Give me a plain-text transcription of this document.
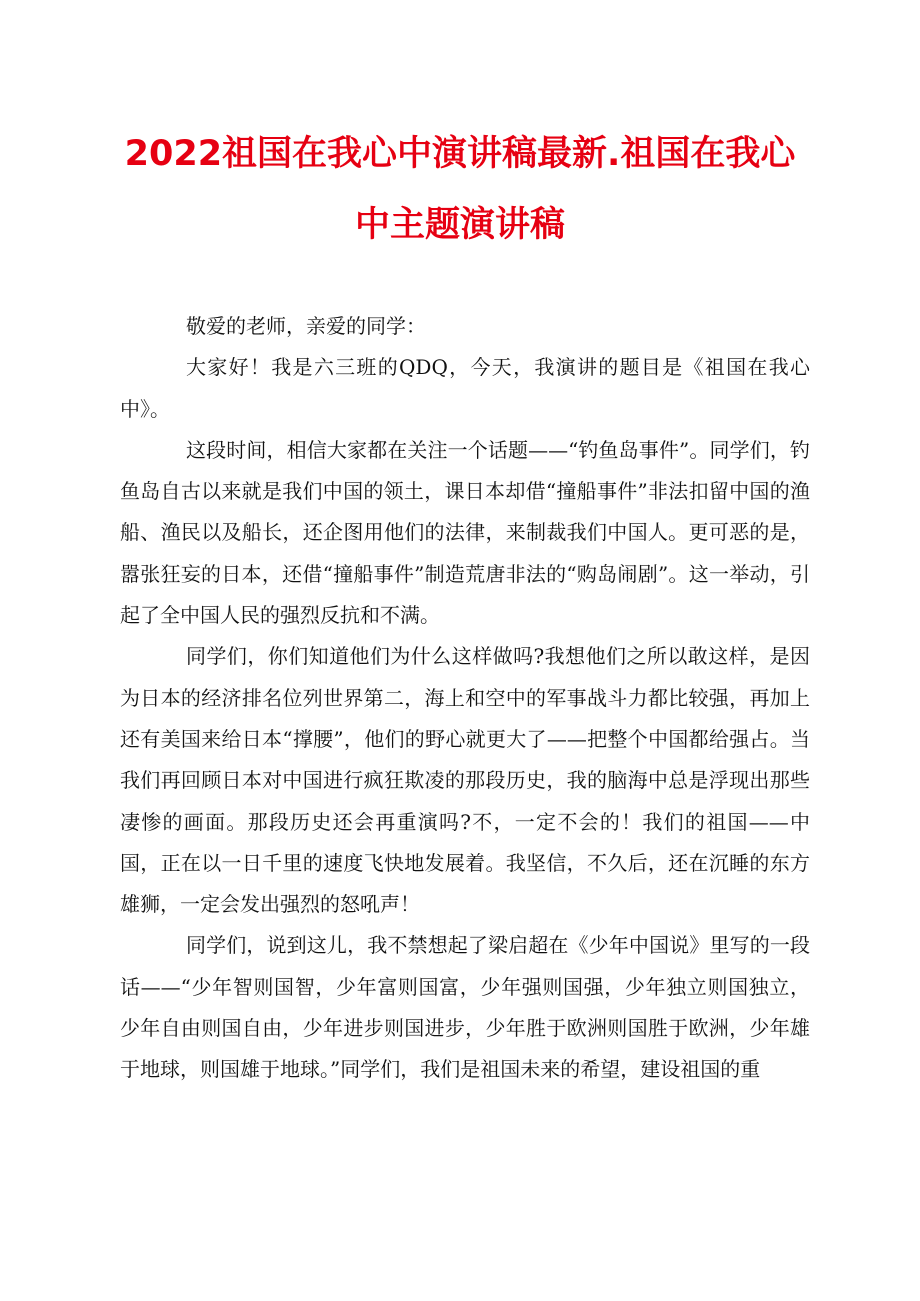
2022祖国在我心中演讲稿最新.祖国在我心
中主题演讲稿

敬爱的老师，亲爱的同学：

大家好！我是六三班的QDQ，今天，我演讲的题目是《祖国在我心中》。

这段时间，相信大家都在关注一个话题——“钓鱼岛事件”。同学们，钓鱼岛自古以来就是我们中国的领土，课日本却借“撞船事件”非法扣留中国的渔船、渔民以及船长，还企图用他们的法律，来制裁我们中国人。更可恶的是，嚣张狂妄的日本，还借“撞船事件”制造荒唐非法的“购岛闹剧”。这一举动，引起了全中国人民的强烈反抗和不满。

同学们，你们知道他们为什么这样做吗?我想他们之所以敢这样，是因为日本的经济排名位列世界第二，海上和空中的军事战斗力都比较强，再加上还有美国来给日本“撑腰”，他们的野心就更大了——把整个中国都给强占。当我们再回顾日本对中国进行疯狂欺凌的那段历史，我的脑海中总是浮现出那些凄惨的画面。那段历史还会再重演吗?不，一定不会的！我们的祖国——中国，正在以一日千里的速度飞快地发展着。我坚信，不久后，还在沉睡的东方雄狮，一定会发出强烈的怒吼声！

同学们，说到这儿，我不禁想起了梁启超在《少年中国说》里写的一段话——“少年智则国智，少年富则国富，少年强则国强，少年独立则国独立，少年自由则国自由，少年进步则国进步，少年胜于欧洲则国胜于欧洲，少年雄于地球，则国雄于地球。”同学们，我们是祖国未来的希望，建设祖国的重
